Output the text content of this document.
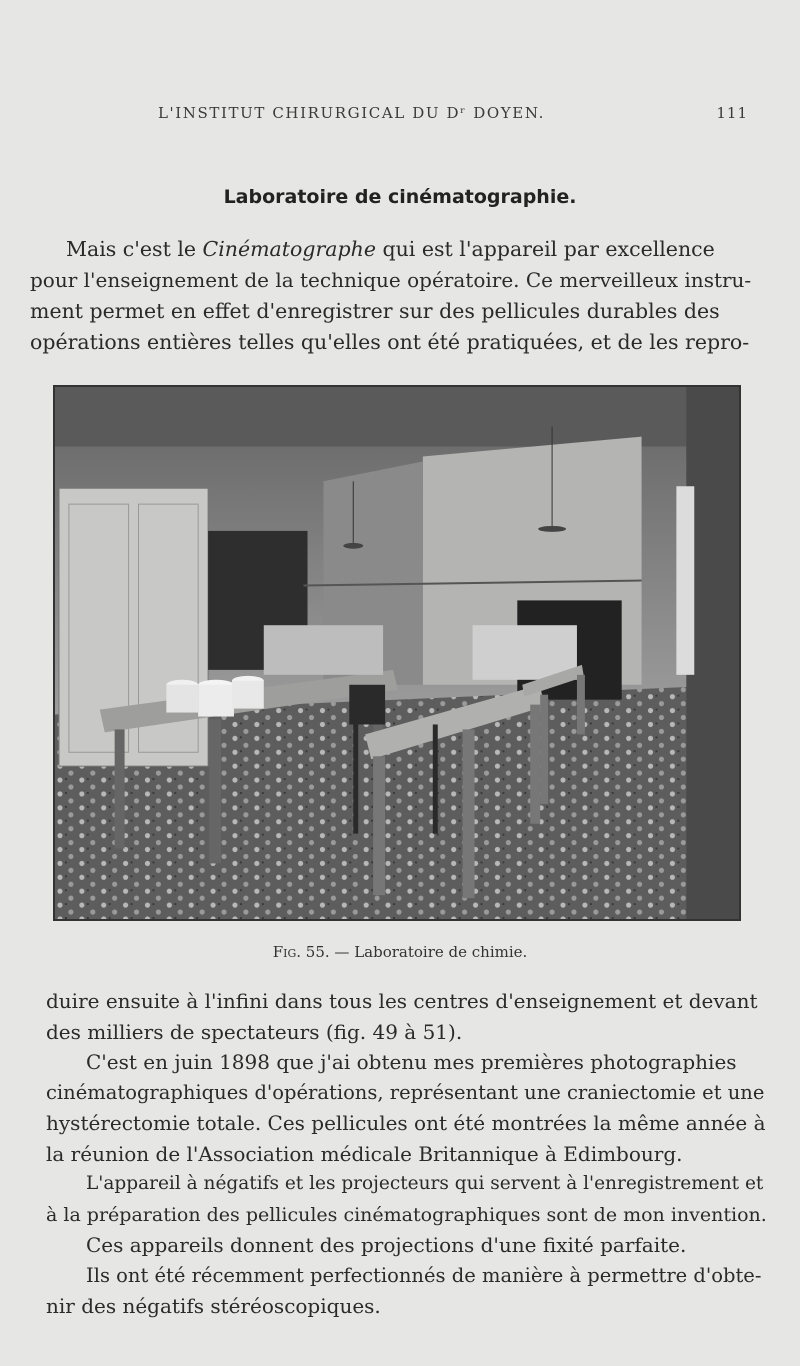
L'INSTITUT CHIRURGICAL DU Dʳ DOYEN.	111
Laboratoire de cinématographie.
Mais c'est le Cinématographe qui est l'appareil par excellence
pour l'enseignement de la technique opératoire. Ce merveilleux instru-
ment permet en effet d'enregistrer sur des pellicules durables des
opérations entières telles qu'elles ont été pratiquées, et de les repro-
Fig. 55. — Laboratoire de chimie.
duire ensuite à l'infini dans tous les centres d'enseignement et devant
des milliers de spectateurs (fig. 49 à 51).
C'est en juin 1898 que j'ai obtenu mes premières photographies
cinématographiques d'opérations, représentant une craniectomie et une
hystérectomie totale. Ces pellicules ont été montrées la même année à
la réunion de l'Association médicale Britannique à Edimbourg.
L'appareil à négatifs et les projecteurs qui servent à l'enregistrement et
à la préparation des pellicules cinématographiques sont de mon invention.
Ces appareils donnent des projections d'une fixité parfaite.
Ils ont été récemment perfectionnés de manière à permettre d'obte-
nir des négatifs stéréoscopiques.
